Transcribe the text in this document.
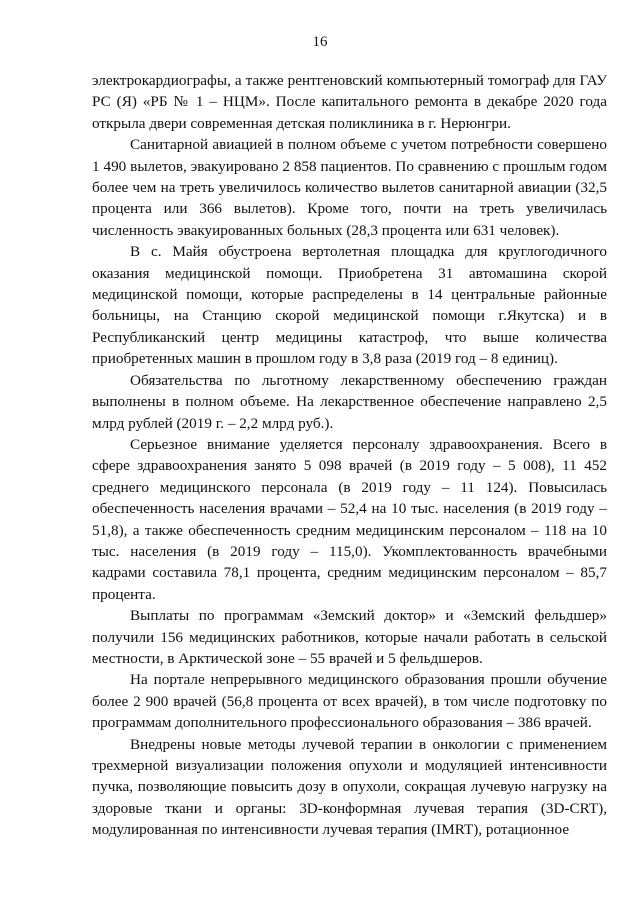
16

электрокардиографы, а также рентгеновский компьютерный томограф для ГАУ РС (Я) «РБ № 1 – НЦМ». После капитального ремонта в декабре 2020 года открыла двери современная детская поликлиника в г. Нерюнгри.

Санитарной авиацией в полном объеме с учетом потребности совершено 1 490 вылетов, эвакуировано 2 858 пациентов. По сравнению с прошлым годом более чем на треть увеличилось количество вылетов санитарной авиации (32,5 процента или 366 вылетов). Кроме того, почти на треть увеличилась численность эвакуированных больных (28,3 процента или 631 человек).

В с. Майя обустроена вертолетная площадка для круглогодичного оказания медицинской помощи. Приобретена 31 автомашина скорой медицинской помощи, которые распределены в 14 центральные районные больницы, на Станцию скорой медицинской помощи г.Якутска) и в Республиканский центр медицины катастроф, что выше количества приобретенных машин в прошлом году в 3,8 раза (2019 год – 8 единиц).

Обязательства по льготному лекарственному обеспечению граждан выполнены в полном объеме. На лекарственное обеспечение направлено 2,5 млрд рублей (2019 г. – 2,2 млрд руб.).

Серьезное внимание уделяется персоналу здравоохранения. Всего в сфере здравоохранения занято 5 098 врачей (в 2019 году – 5 008), 11 452 среднего медицинского персонала (в 2019 году – 11 124). Повысилась обеспеченность населения врачами – 52,4 на 10 тыс. населения (в 2019 году – 51,8), а также обеспеченность средним медицинским персоналом – 118 на 10 тыс. населения (в 2019 году – 115,0). Укомплектованность врачебными кадрами составила 78,1 процента, средним медицинским персоналом – 85,7 процента.

Выплаты по программам «Земский доктор» и «Земский фельдшер» получили 156 медицинских работников, которые начали работать в сельской местности, в Арктической зоне – 55 врачей и 5 фельдшеров.

На портале непрерывного медицинского образования прошли обучение более 2 900 врачей (56,8 процента от всех врачей), в том числе подготовку по программам дополнительного профессионального образования – 386 врачей.

Внедрены новые методы лучевой терапии в онкологии с применением трехмерной визуализации положения опухоли и модуляцией интенсивности пучка, позволяющие повысить дозу в опухоли, сокращая лучевую нагрузку на здоровые ткани и органы: 3D-конформная лучевая терапия (3D-CRT), модулированная по интенсивности лучевая терапия (IMRT), ротационное
